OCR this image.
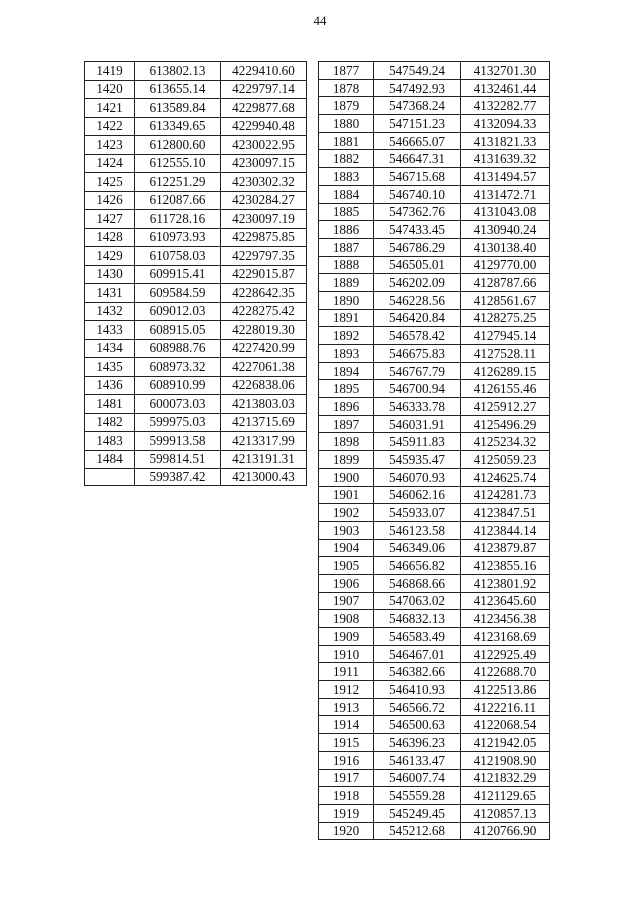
44
1419	613802.13	4229410.60

1420	613655.14	4229797.14

1421	613589.84	4229877.68

1422	613349.65	4229940.48

1423	612800.60	4230022.95

1424	612555.10	4230097.15

1425	612251.29	4230302.32

1426	612087.66	4230284.27

1427	611728.16	4230097.19

1428	610973.93	4229875.85

1429	610758.03	4229797.35

1430	609915.41	4229015.87

1431	609584.59	4228642.35

1432	609012.03	4228275.42

1433	608915.05	4228019.30

1434	608988.76	4227420.99

1435	608973.32	4227061.38

1436	608910.99	4226838.06

1481	600073.03	4213803.03

1482	599975.03	4213715.69

1483	599913.58	4213317.99

1484	599814.51	4213191.31

	599387.42	4213000.43
1877	547549.24	4132701.30
1878	547492.93	4132461.44
1879	547368.24	4132282.77
1880	547151.23	4132094.33
1881	546665.07	4131821.33
1882	546647.31	4131639.32
1883	546715.68	4131494.57
1884	546740.10	4131472.71
1885	547362.76	4131043.08
1886	547433.45	4130940.24
1887	546786.29	4130138.40
1888	546505.01	4129770.00
1889	546202.09	4128787.66
1890	546228.56	4128561.67
1891	546420.84	4128275.25
1892	546578.42	4127945.14
1893	546675.83	4127528.11
1894	546767.79	4126289.15
1895	546700.94	4126155.46
1896	546333.78	4125912.27
1897	546031.91	4125496.29
1898	545911.83	4125234.32
1899	545935.47	4125059.23
1900	546070.93	4124625.74
1901	546062.16	4124281.73
1902	545933.07	4123847.51
1903	546123.58	4123844.14
1904	546349.06	4123879.87
1905	546656.82	4123855.16
1906	546868.66	4123801.92
1907	547063.02	4123645.60
1908	546832.13	4123456.38
1909	546583.49	4123168.69
1910	546467.01	4122925.49
1911	546382.66	4122688.70
1912	546410.93	4122513.86
1913	546566.72	4122216.11
1914	546500.63	4122068.54
1915	546396.23	4121942.05
1916	546133.47	4121908.90
1917	546007.74	4121832.29
1918	545559.28	4121129.65
1919	545249.45	4120857.13
1920	545212.68	4120766.90
